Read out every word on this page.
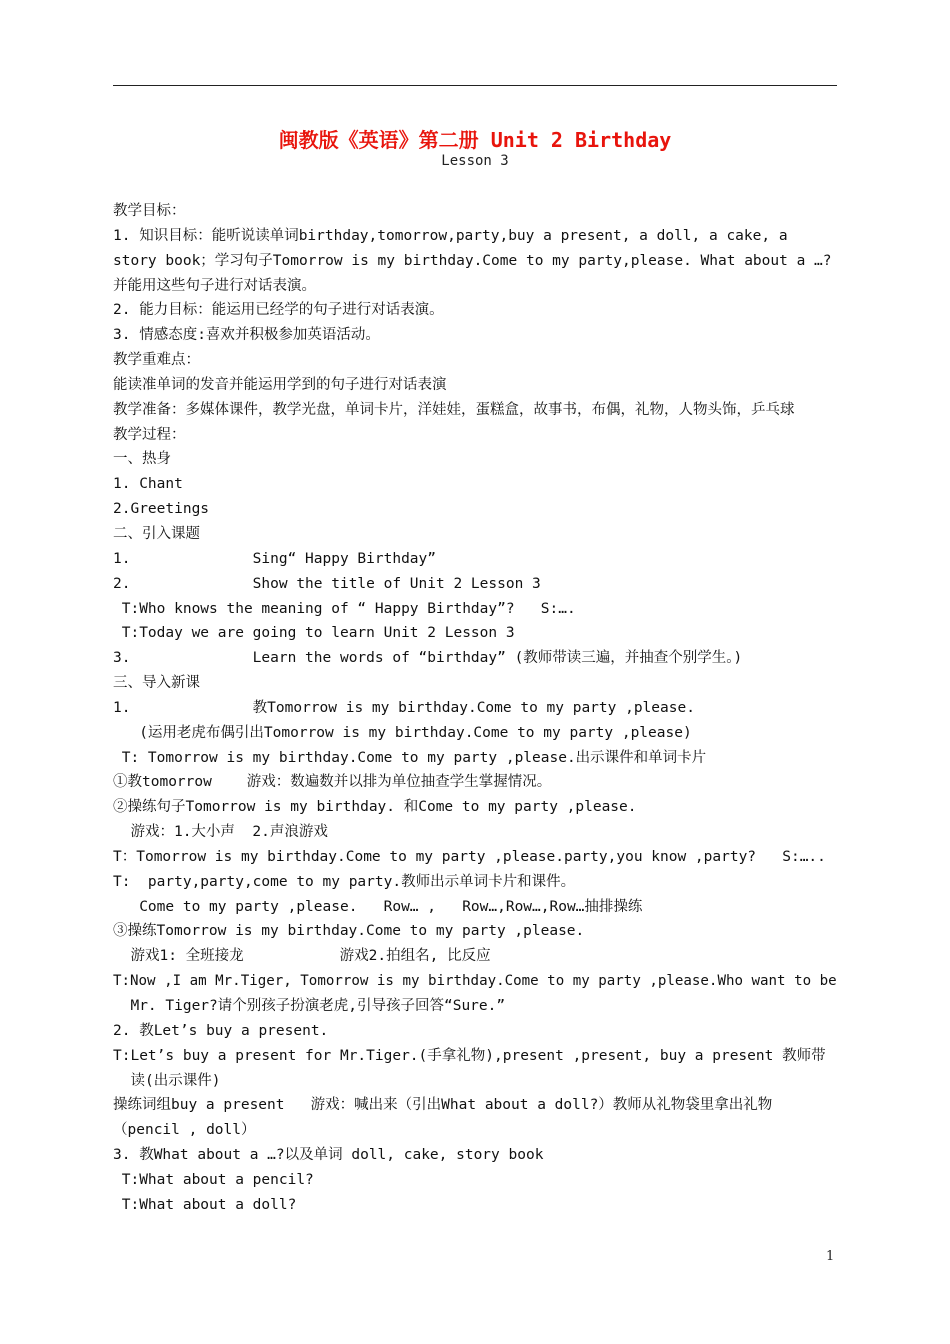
闽教版《英语》第二册 Unit 2 Birthday
Lesson 3
教学目标：
1. 知识目标：能听说读单词birthday,tomorrow,party,buy a present, a doll, a cake, a
story book；学习句子Tomorrow is my birthday.Come to my party,please. What about a …?
并能用这些句子进行对话表演。
2. 能力目标：能运用已经学的句子进行对话表演。
3. 情感态度:喜欢并积极参加英语活动。
教学重难点：
能读准单词的发音并能运用学到的句子进行对话表演
教学准备：多媒体课件，教学光盘，单词卡片，洋娃娃，蛋糕盒，故事书，布偶，礼物，人物头饰，乒乓球
教学过程：
一、热身
1. Chant
2.Greetings
二、引入课题
1.              Sing“ Happy Birthday”
2.              Show the title of Unit 2 Lesson 3
T:Who knows the meaning of “ Happy Birthday”?   S:….
T:Today we are going to learn Unit 2 Lesson 3
3.              Learn the words of “birthday” (教师带读三遍，并抽查个别学生。)
三、导入新课
1.              教Tomorrow is my birthday.Come to my party ,please.
(运用老虎布偶引出Tomorrow is my birthday.Come to my party ,please)
T: Tomorrow is my birthday.Come to my party ,please.出示课件和单词卡片
①教tomorrow    游戏：数遍数并以排为单位抽查学生掌握情况。
②操练句子Tomorrow is my birthday. 和Come to my party ,please.
游戏：1.大小声  2.声浪游戏
T：Tomorrow is my birthday.Come to my party ,please.party,you know ,party?   S:…..
T:  party,party,come to my party.教师出示单词卡片和课件。
Come to my party ,please.   Row… ,   Row…,Row…,Row…抽排操练
③操练Tomorrow is my birthday.Come to my party ,please.
游戏1: 全班接龙           游戏2.拍组名, 比反应
T:Now ,I am Mr.Tiger, Tomorrow is my birthday.Come to my party ,please.Who want to be
Mr. Tiger?请个别孩子扮演老虎,引导孩子回答“Sure.”
2. 教Let’s buy a present.
T:Let’s buy a present for Mr.Tiger.(手拿礼物),present ,present, buy a present 教师带
读(出示课件)
操练词组buy a present   游戏：喊出来（引出What about a doll?）教师从礼物袋里拿出礼物
（pencil , doll）
3. 教What about a …?以及单词 doll, cake, story book
T:What about a pencil?
T:What about a doll?
1
